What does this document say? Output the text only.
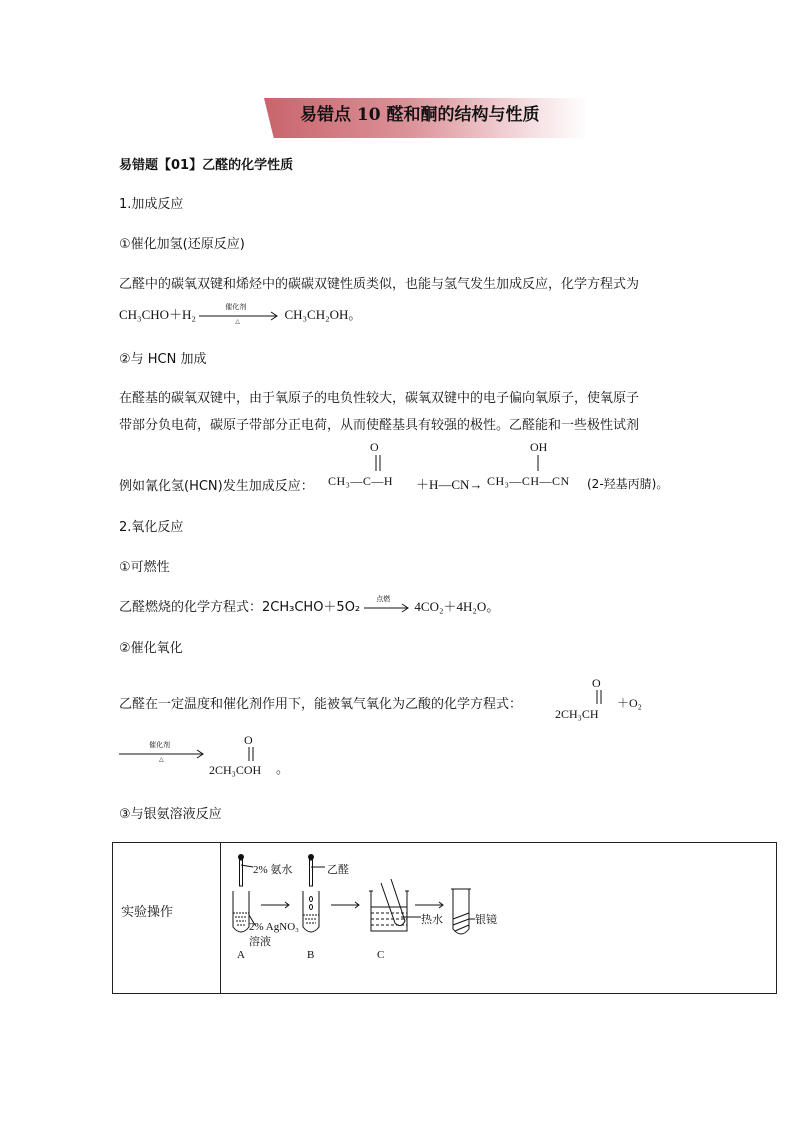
易错点 10 醛和酮的结构与性质
易错题【01】乙醛的化学性质
1.加成反应
①催化加氢(还原反应)
乙醛中的碳氧双键和烯烃中的碳碳双键性质类似，也能与氢气发生加成反应，化学方程式为
CH₃CHO＋H₂	催化剂
△
CH₃CH₂OH。
②与 HCN 加成
在醛基的碳氧双键中，由于氧原子的电负性较大，碳氧双键中的电子偏向氧原子，使氧原子
带部分负电荷，碳原子带部分正电荷，从而使醛基具有较强的极性。乙醛能和一些极性试剂
例如氰化氢(HCN)发生加成反应：
O
CH₃—C—H ＋H—CN→
OH
CH₃—CH—CN (2-羟基丙腈)。
2.氧化反应
①可燃性
乙醛燃烧的化学方程式：2CH₃CHO＋5O₂
点燃
4CO₂＋4H₂O。
②催化氧化
乙醛在一定温度和催化剂作用下，能被氧气氧化为乙酸的化学方程式：
O
2CH₃CH
＋O₂
催化剂
△
O
2CH₃COH 。
③与银氨溶液反应
实验操作
2% 氨水	乙醛
2% AgNO₃
溶液
热水	银镜
A	B	C
